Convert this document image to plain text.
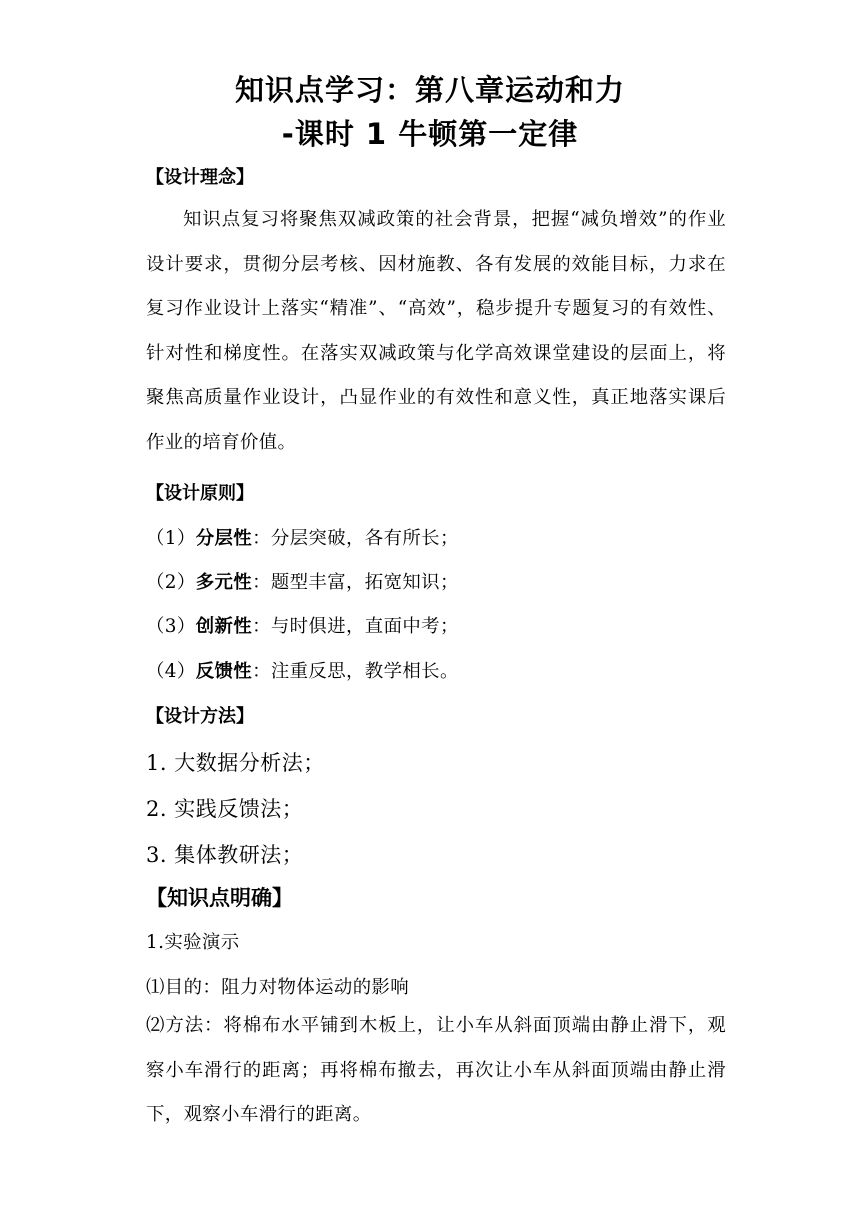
知识点学习：第八章运动和力
-课时 1 牛顿第一定律
【设计理念】
知识点复习将聚焦双减政策的社会背景，把握“减负增效”的作业设计要求，贯彻分层考核、因材施教、各有发展的效能目标，力求在复习作业设计上落实“精准”、“高效”，稳步提升专题复习的有效性、针对性和梯度性。在落实双减政策与化学高效课堂建设的层面上，将聚焦高质量作业设计，凸显作业的有效性和意义性，真正地落实课后作业的培育价值。
【设计原则】
（1）分层性：分层突破，各有所长；
（2）多元性：题型丰富，拓宽知识；
（3）创新性：与时俱进，直面中考；
（4）反馈性：注重反思，教学相长。
【设计方法】
1. 大数据分析法；
2. 实践反馈法；
3. 集体教研法；
【知识点明确】
1.实验演示
⑴目的：阻力对物体运动的影响
⑵方法：将棉布水平铺到木板上，让小车从斜面顶端由静止滑下，观察小车滑行的距离；再将棉布撤去，再次让小车从斜面顶端由静止滑下，观察小车滑行的距离。
